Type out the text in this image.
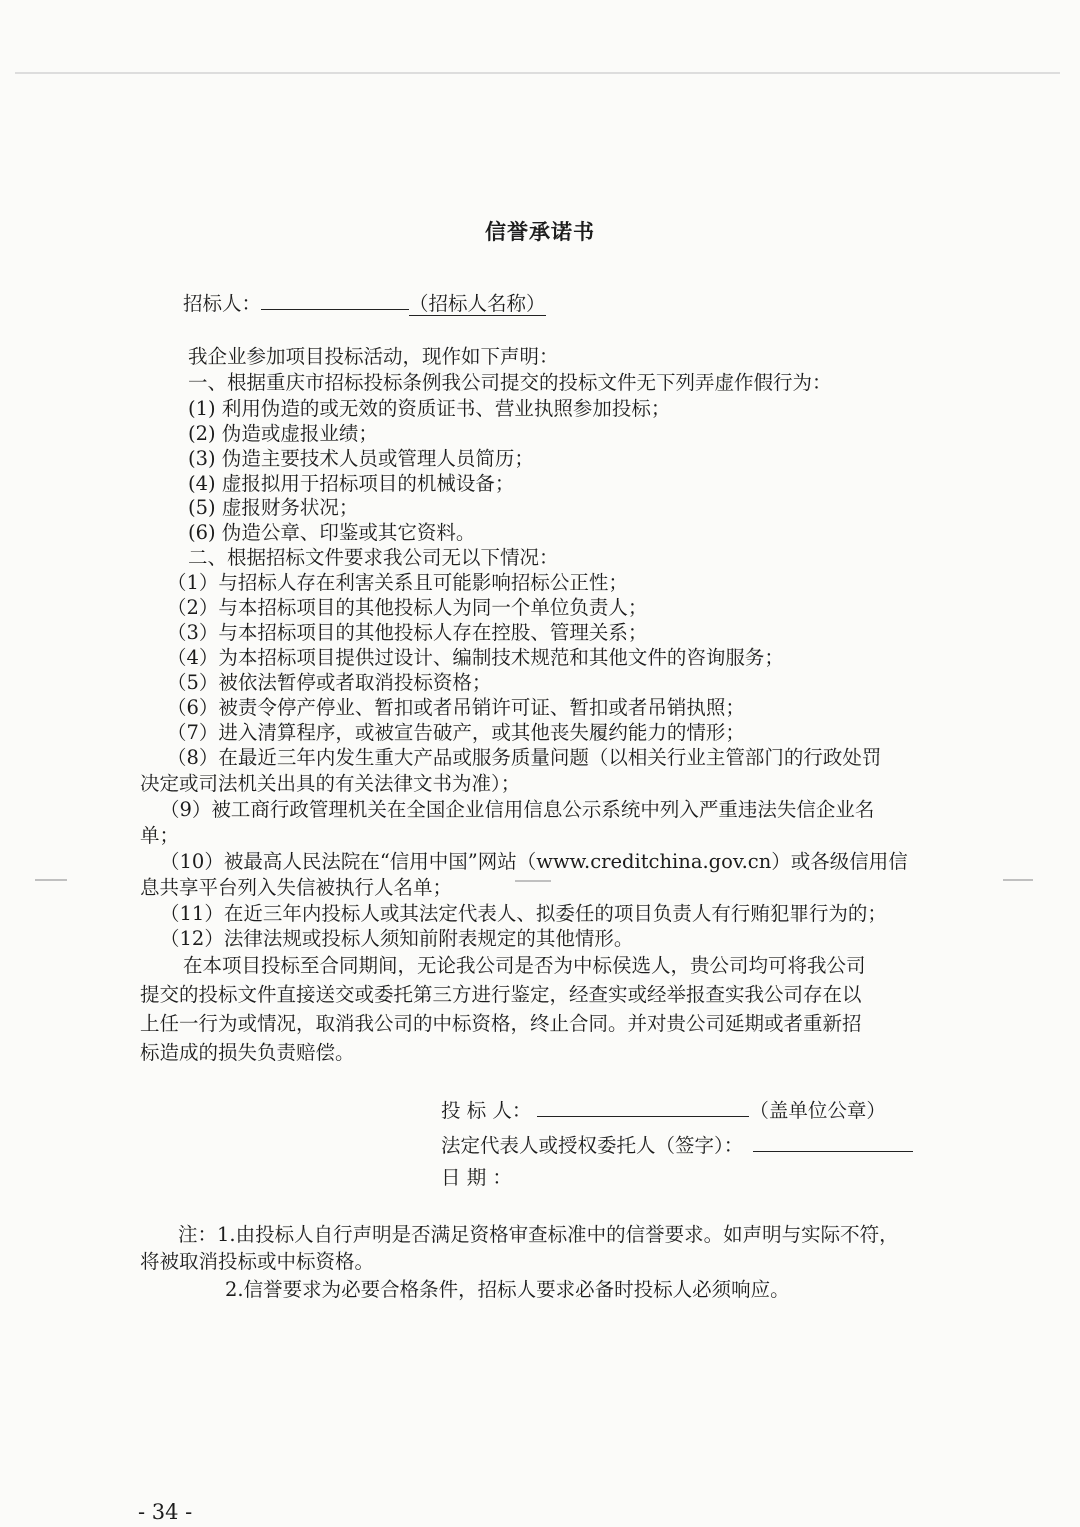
信誉承诺书
招标人：	（招标人名称）
我企业参加项目投标活动，现作如下声明：
一、根据重庆市招标投标条例我公司提交的投标文件无下列弄虚作假行为：
(1) 利用伪造的或无效的资质证书、营业执照参加投标；
(2) 伪造或虚报业绩；
(3) 伪造主要技术人员或管理人员简历；
(4) 虚报拟用于招标项目的机械设备；
(5) 虚报财务状况；
(6) 伪造公章、印鉴或其它资料。
二、根据招标文件要求我公司无以下情况：
（1）与招标人存在利害关系且可能影响招标公正性；
（2）与本招标项目的其他投标人为同一个单位负责人；
（3）与本招标项目的其他投标人存在控股、管理关系；
（4）为本招标项目提供过设计、编制技术规范和其他文件的咨询服务；
（5）被依法暂停或者取消投标资格；
（6）被责令停产停业、暂扣或者吊销许可证、暂扣或者吊销执照；
（7）进入清算程序，或被宣告破产，或其他丧失履约能力的情形；
（8）在最近三年内发生重大产品或服务质量问题（以相关行业主管部门的行政处罚
决定或司法机关出具的有关法律文书为准）；
（9）被工商行政管理机关在全国企业信用信息公示系统中列入严重违法失信企业名
单；
（10）被最高人民法院在“信用中国”网站（www.creditchina.gov.cn）或各级信用信
息共享平台列入失信被执行人名单；
（11）在近三年内投标人或其法定代表人、拟委任的项目负责人有行贿犯罪行为的；
（12）法律法规或投标人须知前附表规定的其他情形。
在本项目投标至合同期间，无论我公司是否为中标侯选人，贵公司均可将我公司
提交的投标文件直接送交或委托第三方进行鉴定，经查实或经举报查实我公司存在以
上任一行为或情况，取消我公司的中标资格，终止合同。并对贵公司延期或者重新招
标造成的损失负责赔偿。
投 标 人：	（盖单位公章）
法定代表人或授权委托人（签字）：
日 期 ：
注：1.由投标人自行声明是否满足资格审查标准中的信誉要求。如声明与实际不符，
将被取消投标或中标资格。
2.信誉要求为必要合格条件，招标人要求必备时投标人必须响应。
- 34 -
